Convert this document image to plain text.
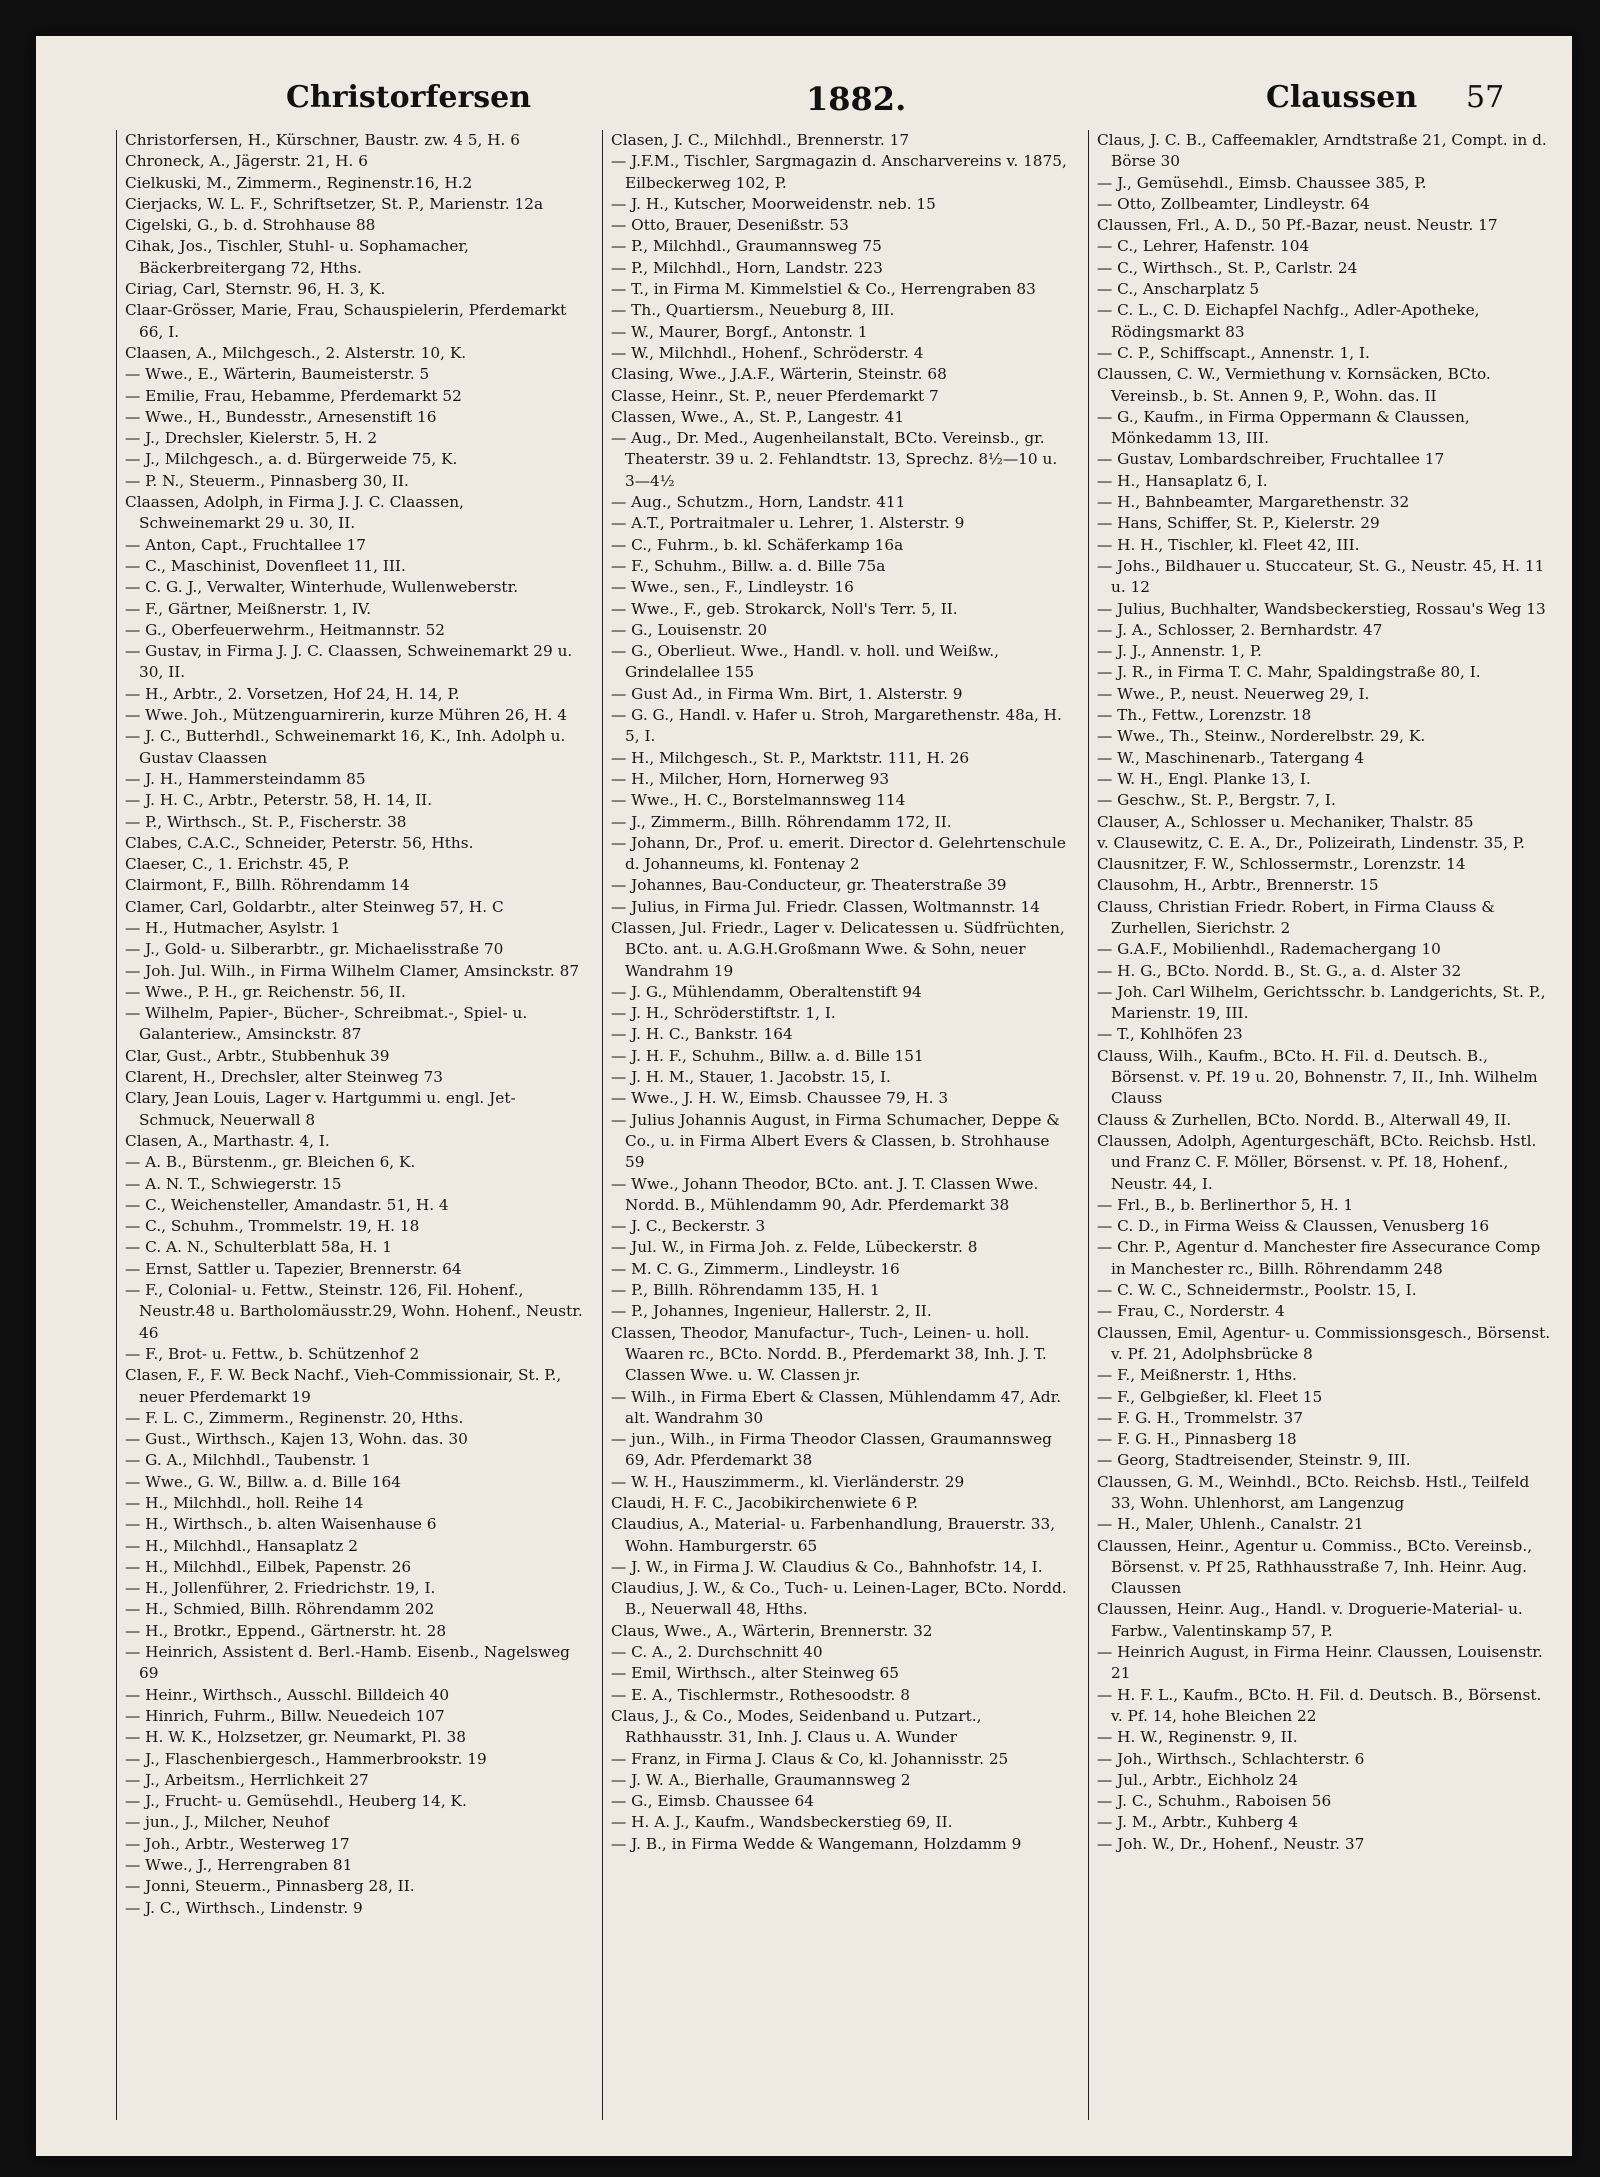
Christorfersen	1882.	Claussen 57
Christorfersen, H., Kürschner, Baustr. zw. 4 5, H. 6
Chroneck, A., Jägerstr. 21, H. 6
Cielkuski, M., Zimmerm., Reginenstr.16, H.2
Cierjacks, W. L. F., Schriftsetzer, St. P., Marienstr. 12a
Cigelski, G., b. d. Strohhause 88
Cihak, Jos., Tischler, Stuhl- u. Sophamacher, Bäckerbreitergang 72, Hths.
Ciriag, Carl, Sternstr. 96, H. 3, K.
Claar-Grösser, Marie, Frau, Schauspielerin, Pferdemarkt 66, I.
Claasen, A., Milchgesch., 2. Alsterstr. 10, K.
— Wwe., E., Wärterin, Baumeisterstr. 5
— Emilie, Frau, Hebamme, Pferdemarkt 52
— Wwe., H., Bundesstr., Arnesenstift 16
— J., Drechsler, Kielerstr. 5, H. 2
— J., Milchgesch., a. d. Bürgerweide 75, K.
— P. N., Steuerm., Pinnasberg 30, II.
Claassen, Adolph, in Firma J. J. C. Claassen, Schweinemarkt 29 u. 30, II.
— Anton, Capt., Fruchtallee 17
— C., Maschinist, Dovenfleet 11, III.
— C. G. J., Verwalter, Winterhude, Wullenweberstr.
— F., Gärtner, Meißnerstr. 1, IV.
— G., Oberfeuerwehrm., Heitmannstr. 52
— Gustav, in Firma J. J. C. Claassen, Schweinemarkt 29 u. 30, II.
— H., Arbtr., 2. Vorsetzen, Hof 24, H. 14, P.
— Wwe. Joh., Mützenguarnirerin, kurze Mühren 26, H. 4
— J. C., Butterhdl., Schweinemarkt 16, K., Inh. Adolph u. Gustav Claassen
— J. H., Hammersteindamm 85
— J. H. C., Arbtr., Peterstr. 58, H. 14, II.
— P., Wirthsch., St. P., Fischerstr. 38
Clabes, C.A.C., Schneider, Peterstr. 56, Hths.
Claeser, C., 1. Erichstr. 45, P.
Clairmont, F., Billh. Röhrendamm 14
Clamer, Carl, Goldarbtr., alter Steinweg 57, H. C
— H., Hutmacher, Asylstr. 1
— J., Gold- u. Silberarbtr., gr. Michaelisstraße 70
— Joh. Jul. Wilh., in Firma Wilhelm Clamer, Amsinckstr. 87
— Wwe., P. H., gr. Reichenstr. 56, II.
— Wilhelm, Papier-, Bücher-, Schreibmat.-, Spiel- u. Galanteriew., Amsinckstr. 87
Clar, Gust., Arbtr., Stubbenhuk 39
Clarent, H., Drechsler, alter Steinweg 73
Clary, Jean Louis, Lager v. Hartgummi u. engl. Jet-Schmuck, Neuerwall 8
Clasen, A., Marthastr. 4, I.
— A. B., Bürstenm., gr. Bleichen 6, K.
— A. N. T., Schwiegerstr. 15
— C., Weichensteller, Amandastr. 51, H. 4
— C., Schuhm., Trommelstr. 19, H. 18
— C. A. N., Schulterblatt 58a, H. 1
— Ernst, Sattler u. Tapezier, Brennerstr. 64
— F., Colonial- u. Fettw., Steinstr. 126, Fil. Hohenf., Neustr.48 u. Bartholomäusstr.29, Wohn. Hohenf., Neustr. 46
— F., Brot- u. Fettw., b. Schützenhof 2
Clasen, F., F. W. Beck Nachf., Vieh-Commissionair, St. P., neuer Pferdemarkt 19
— F. L. C., Zimmerm., Reginenstr. 20, Hths.
— Gust., Wirthsch., Kajen 13, Wohn. das. 30
— G. A., Milchhdl., Taubenstr. 1
— Wwe., G. W., Billw. a. d. Bille 164
— H., Milchhdl., holl. Reihe 14
— H., Wirthsch., b. alten Waisenhause 6
— H., Milchhdl., Hansaplatz 2
— H., Milchhdl., Eilbek, Papenstr. 26
— H., Jollenführer, 2. Friedrichstr. 19, I.
— H., Schmied, Billh. Röhrendamm 202
— H., Brotkr., Eppend., Gärtnerstr. ht. 28
— Heinrich, Assistent d. Berl.-Hamb. Eisenb., Nagelsweg 69
— Heinr., Wirthsch., Ausschl. Billdeich 40
— Hinrich, Fuhrm., Billw. Neuedeich 107
— H. W. K., Holzsetzer, gr. Neumarkt, Pl. 38
— J., Flaschenbiergesch., Hammerbrookstr. 19
— J., Arbeitsm., Herrlichkeit 27
— J., Frucht- u. Gemüsehdl., Heuberg 14, K.
— jun., J., Milcher, Neuhof
— Joh., Arbtr., Westerweg 17
— Wwe., J., Herrengraben 81
— Jonni, Steuerm., Pinnasberg 28, II.
— J. C., Wirthsch., Lindenstr. 9
Clasen, J. C., Milchhdl., Brennerstr. 17
— J.F.M., Tischler, Sargmagazin d. Anscharvereins v. 1875, Eilbeckerweg 102, P.
— J. H., Kutscher, Moorweidenstr. neb. 15
— Otto, Brauer, Desenißstr. 53
— P., Milchhdl., Graumannsweg 75
— P., Milchhdl., Horn, Landstr. 223
— T., in Firma M. Kimmelstiel & Co., Herrengraben 83
— Th., Quartiersm., Neueburg 8, III.
— W., Maurer, Borgf., Antonstr. 1
— W., Milchhdl., Hohenf., Schröderstr. 4
Clasing, Wwe., J.A.F., Wärterin, Steinstr. 68
Classe, Heinr., St. P., neuer Pferdemarkt 7
Classen, Wwe., A., St. P., Langestr. 41
— Aug., Dr. Med., Augenheilanstalt, BCto. Vereinsb., gr. Theaterstr. 39 u. 2. Fehlandtstr. 13, Sprechz. 8½—10 u. 3—4½
— Aug., Schutzm., Horn, Landstr. 411
— A.T., Portraitmaler u. Lehrer, 1. Alsterstr. 9
— C., Fuhrm., b. kl. Schäferkamp 16a
— F., Schuhm., Billw. a. d. Bille 75a
— Wwe., sen., F., Lindleystr. 16
— Wwe., F., geb. Strokarck, Noll's Terr. 5, II.
— G., Louisenstr. 20
— G., Oberlieut. Wwe., Handl. v. holl. und Weißw., Grindelallee 155
— Gust Ad., in Firma Wm. Birt, 1. Alsterstr. 9
— G. G., Handl. v. Hafer u. Stroh, Margarethenstr. 48a, H. 5, I.
— H., Milchgesch., St. P., Marktstr. 111, H. 26
— H., Milcher, Horn, Hornerweg 93
— Wwe., H. C., Borstelmannsweg 114
— J., Zimmerm., Billh. Röhrendamm 172, II.
— Johann, Dr., Prof. u. emerit. Director d. Gelehrtenschule d. Johanneums, kl. Fontenay 2
— Johannes, Bau-Conducteur, gr. Theaterstraße 39
— Julius, in Firma Jul. Friedr. Classen, Woltmannstr. 14
Classen, Jul. Friedr., Lager v. Delicatessen u. Südfrüchten, BCto. ant. u. A.G.H.Großmann Wwe. & Sohn, neuer Wandrahm 19
— J. G., Mühlendamm, Oberaltenstift 94
— J. H., Schröderstiftstr. 1, I.
— J. H. C., Bankstr. 164
— J. H. F., Schuhm., Billw. a. d. Bille 151
— J. H. M., Stauer, 1. Jacobstr. 15, I.
— Wwe., J. H. W., Eimsb. Chaussee 79, H. 3
— Julius Johannis August, in Firma Schumacher, Deppe & Co., u. in Firma Albert Evers & Classen, b. Strohhause 59
— Wwe., Johann Theodor, BCto. ant. J. T. Classen Wwe. Nordd. B., Mühlendamm 90, Adr. Pferdemarkt 38
— J. C., Beckerstr. 3
— Jul. W., in Firma Joh. z. Felde, Lübeckerstr. 8
— M. C. G., Zimmerm., Lindleystr. 16
— P., Billh. Röhrendamm 135, H. 1
— P., Johannes, Ingenieur, Hallerstr. 2, II.
Classen, Theodor, Manufactur-, Tuch-, Leinen- u. holl. Waaren rc., BCto. Nordd. B., Pferdemarkt 38, Inh. J. T. Classen Wwe. u. W. Classen jr.
— Wilh., in Firma Ebert & Classen, Mühlendamm 47, Adr. alt. Wandrahm 30
— jun., Wilh., in Firma Theodor Classen, Graumannsweg 69, Adr. Pferdemarkt 38
— W. H., Hauszimmerm., kl. Vierländerstr. 29
Claudi, H. F. C., Jacobikirchenwiete 6 P.
Claudius, A., Material- u. Farbenhandlung, Brauerstr. 33, Wohn. Hamburgerstr. 65
— J. W., in Firma J. W. Claudius & Co., Bahnhofstr. 14, I.
Claudius, J. W., & Co., Tuch- u. Leinen-Lager, BCto. Nordd. B., Neuerwall 48, Hths.
Claus, Wwe., A., Wärterin, Brennerstr. 32
— C. A., 2. Durchschnitt 40
— Emil, Wirthsch., alter Steinweg 65
— E. A., Tischlermstr., Rothesoodstr. 8
Claus, J., & Co., Modes, Seidenband u. Putzart., Rathhausstr. 31, Inh. J. Claus u. A. Wunder
— Franz, in Firma J. Claus & Co, kl. Johannisstr. 25
— J. W. A., Bierhalle, Graumannsweg 2
— G., Eimsb. Chaussee 64
— H. A. J., Kaufm., Wandsbeckerstieg 69, II.
— J. B., in Firma Wedde & Wangemann, Holzdamm 9
Claus, J. C. B., Caffeemakler, Arndtstraße 21, Compt. in d. Börse 30
— J., Gemüsehdl., Eimsb. Chaussee 385, P.
— Otto, Zollbeamter, Lindleystr. 64
Claussen, Frl., A. D., 50 Pf.-Bazar, neust. Neustr. 17
— C., Lehrer, Hafenstr. 104
— C., Wirthsch., St. P., Carlstr. 24
— C., Anscharplatz 5
— C. L., C. D. Eichapfel Nachfg., Adler-Apotheke, Rödingsmarkt 83
— C. P., Schiffscapt., Annenstr. 1, I.
Claussen, C. W., Vermiethung v. Kornsäcken, BCto. Vereinsb., b. St. Annen 9, P., Wohn. das. II
— G., Kaufm., in Firma Oppermann & Claussen, Mönkedamm 13, III.
— Gustav, Lombardschreiber, Fruchtallee 17
— H., Hansaplatz 6, I.
— H., Bahnbeamter, Margarethenstr. 32
— Hans, Schiffer, St. P., Kielerstr. 29
— H. H., Tischler, kl. Fleet 42, III.
— Johs., Bildhauer u. Stuccateur, St. G., Neustr. 45, H. 11 u. 12
— Julius, Buchhalter, Wandsbeckerstieg, Rossau's Weg 13
— J. A., Schlosser, 2. Bernhardstr. 47
— J. J., Annenstr. 1, P.
— J. R., in Firma T. C. Mahr, Spaldingstraße 80, I.
— Wwe., P., neust. Neuerweg 29, I.
— Th., Fettw., Lorenzstr. 18
— Wwe., Th., Steinw., Norderelbstr. 29, K.
— W., Maschinenarb., Tatergang 4
— W. H., Engl. Planke 13, I.
— Geschw., St. P., Bergstr. 7, I.
Clauser, A., Schlosser u. Mechaniker, Thalstr. 85
v. Clausewitz, C. E. A., Dr., Polizeirath, Lindenstr. 35, P.
Clausnitzer, F. W., Schlossermstr., Lorenzstr. 14
Clausohm, H., Arbtr., Brennerstr. 15
Clauss, Christian Friedr. Robert, in Firma Clauss & Zurhellen, Sierichstr. 2
— G.A.F., Mobilienhdl., Rademachergang 10
— H. G., BCto. Nordd. B., St. G., a. d. Alster 32
— Joh. Carl Wilhelm, Gerichtsschr. b. Landgerichts, St. P., Marienstr. 19, III.
— T., Kohlhöfen 23
Clauss, Wilh., Kaufm., BCto. H. Fil. d. Deutsch. B., Börsenst. v. Pf. 19 u. 20, Bohnenstr. 7, II., Inh. Wilhelm Clauss
Clauss & Zurhellen, BCto. Nordd. B., Alterwall 49, II.
Claussen, Adolph, Agenturgeschäft, BCto. Reichsb. Hstl. und Franz C. F. Möller, Börsenst. v. Pf. 18, Hohenf., Neustr. 44, I.
— Frl., B., b. Berlinerthor 5, H. 1
— C. D., in Firma Weiss & Claussen, Venusberg 16
— Chr. P., Agentur d. Manchester fire Assecurance Comp in Manchester rc., Billh. Röhrendamm 248
— C. W. C., Schneidermstr., Poolstr. 15, I.
— Frau, C., Norderstr. 4
Claussen, Emil, Agentur- u. Commissionsgesch., Börsenst. v. Pf. 21, Adolphsbrücke 8
— F., Meißnerstr. 1, Hths.
— F., Gelbgießer, kl. Fleet 15
— F. G. H., Trommelstr. 37
— F. G. H., Pinnasberg 18
— Georg, Stadtreisender, Steinstr. 9, III.
Claussen, G. M., Weinhdl., BCto. Reichsb. Hstl., Teilfeld 33, Wohn. Uhlenhorst, am Langenzug
— H., Maler, Uhlenh., Canalstr. 21
Claussen, Heinr., Agentur u. Commiss., BCto. Vereinsb., Börsenst. v. Pf 25, Rathhausstraße 7, Inh. Heinr. Aug. Claussen
Claussen, Heinr. Aug., Handl. v. Droguerie-Material- u. Farbw., Valentinskamp 57, P.
— Heinrich August, in Firma Heinr. Claussen, Louisenstr. 21
— H. F. L., Kaufm., BCto. H. Fil. d. Deutsch. B., Börsenst. v. Pf. 14, hohe Bleichen 22
— H. W., Reginenstr. 9, II.
— Joh., Wirthsch., Schlachterstr. 6
— Jul., Arbtr., Eichholz 24
— J. C., Schuhm., Raboisen 56
— J. M., Arbtr., Kuhberg 4
— Joh. W., Dr., Hohenf., Neustr. 37
